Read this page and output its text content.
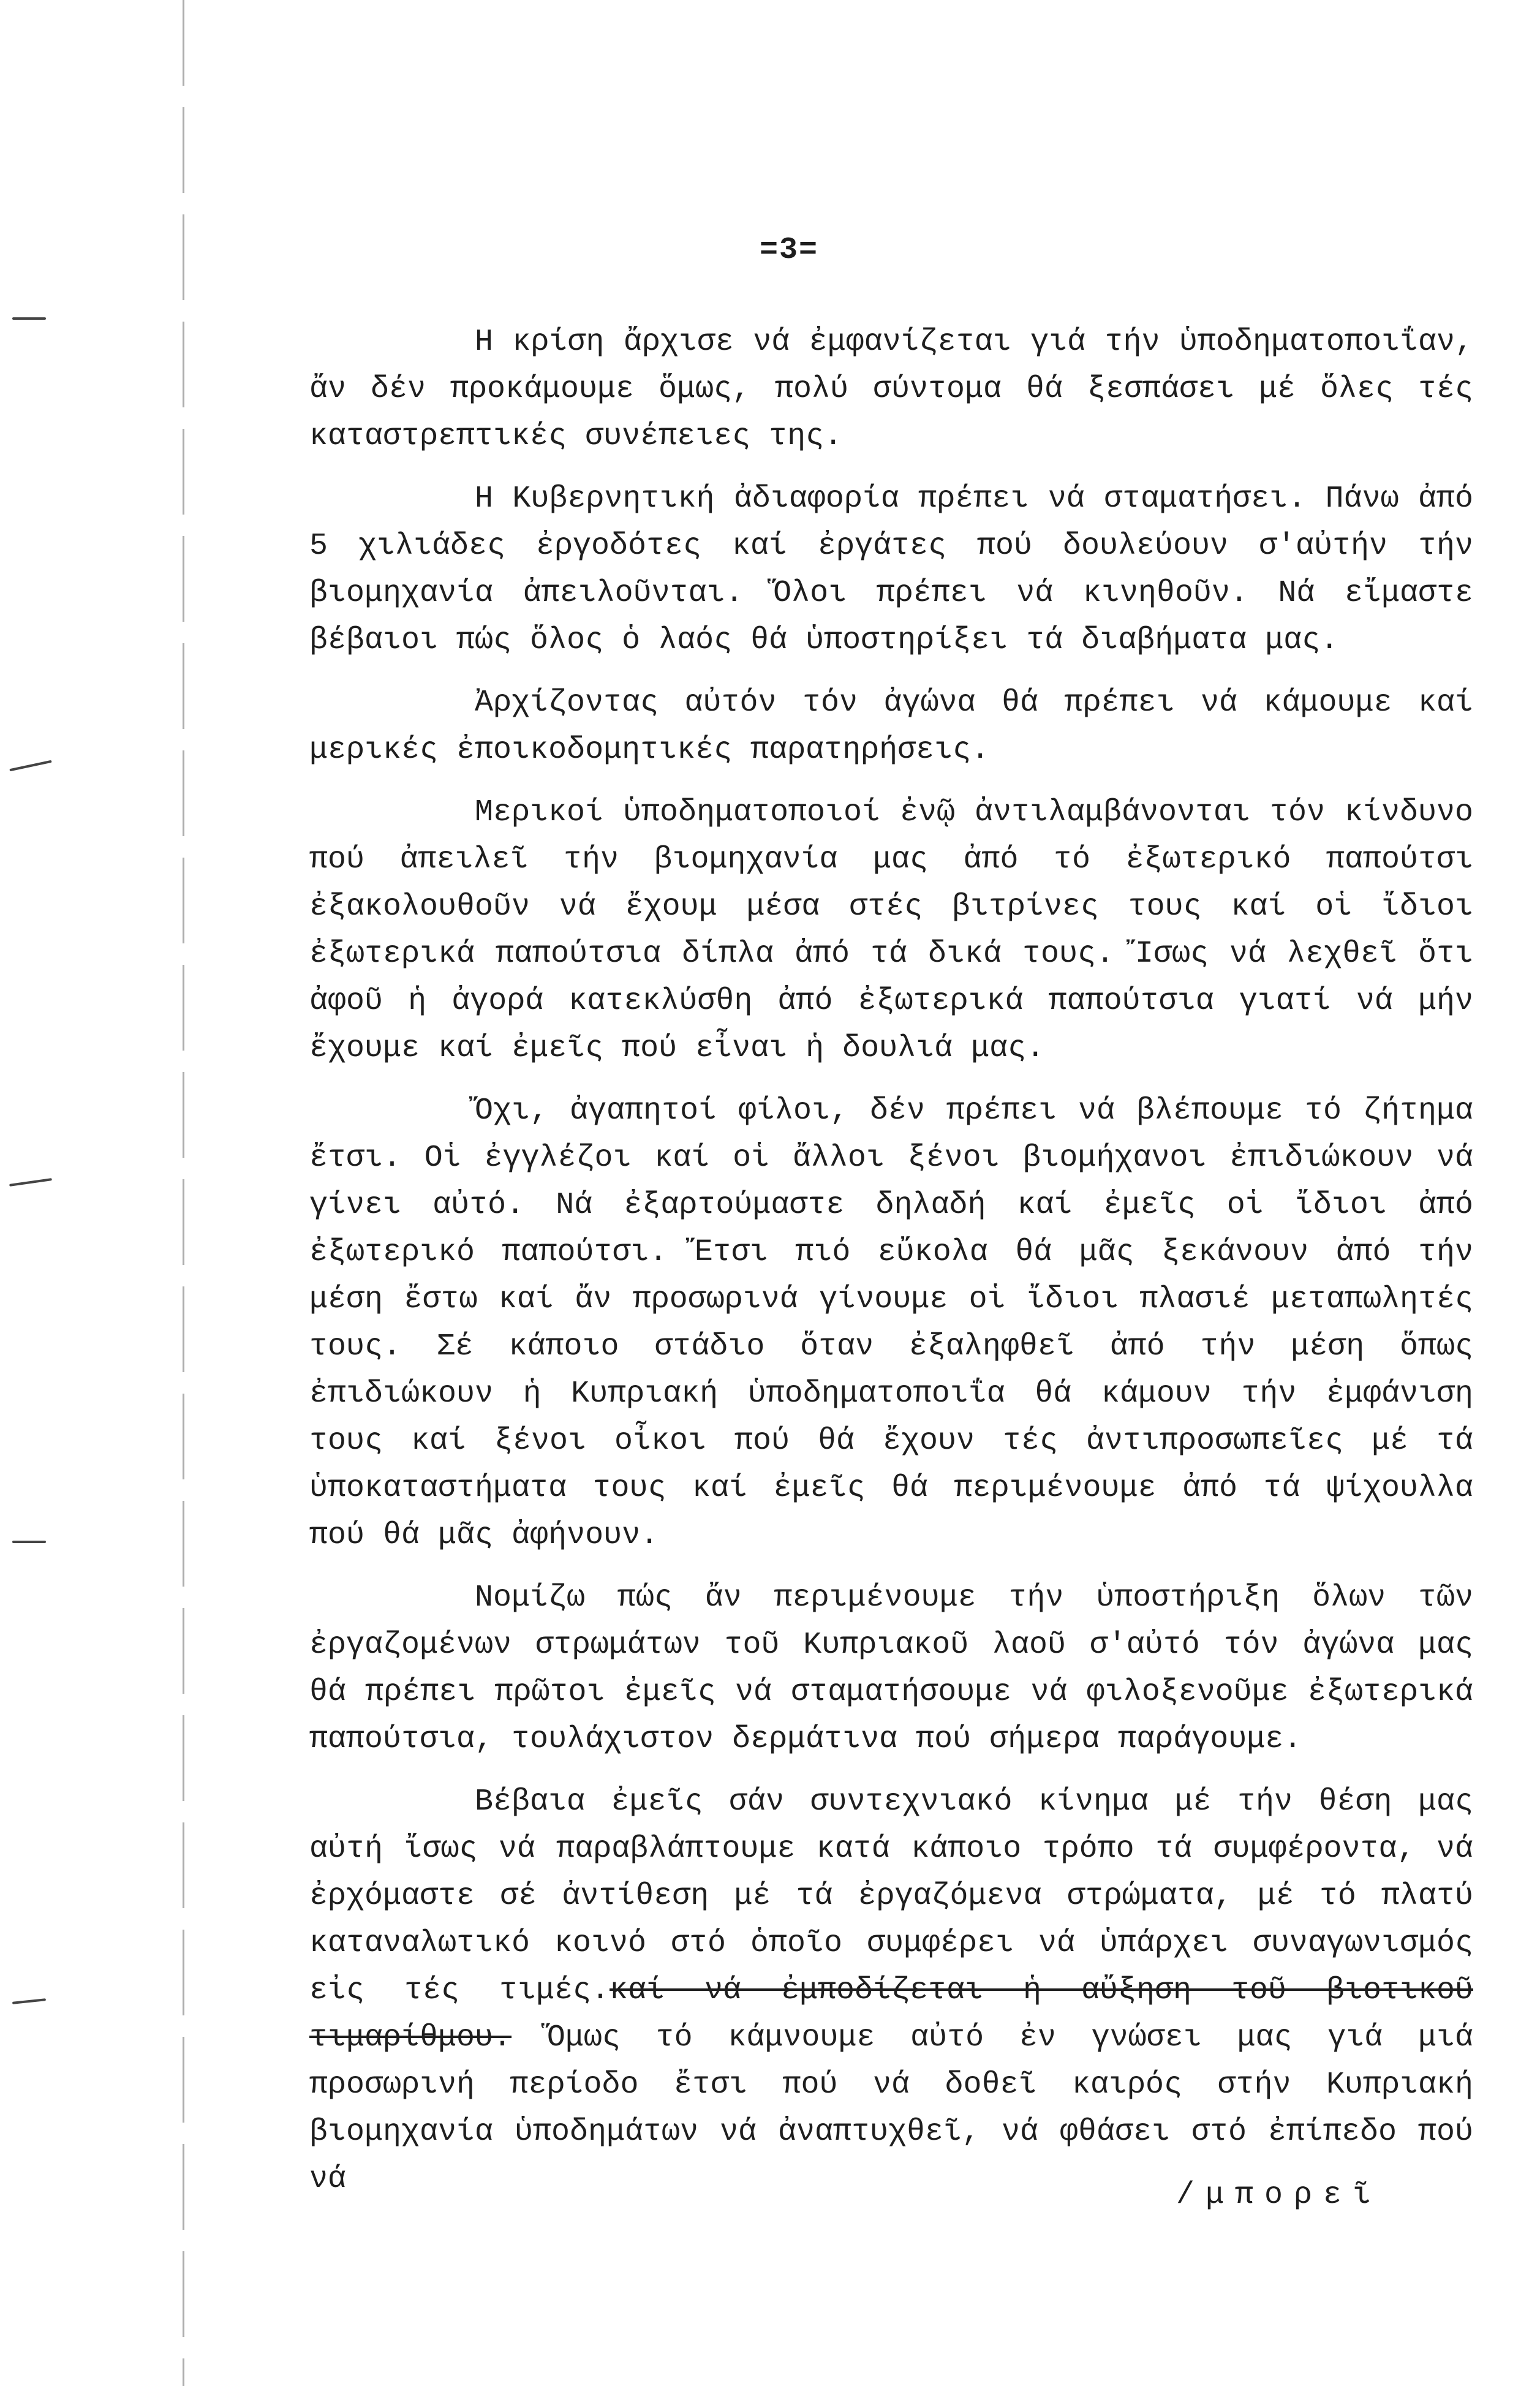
=3=

Η κρίση ἄρχισε νά ἐμφανίζεται γιά τήν ὑποδηματοποιΐαν, ἄν δέν προκάμουμε ὅμως, πολύ σύντομα θά ξεσπάσει μέ ὅλες τές καταστρεπτικές συνέπειες της.

Η Κυβερνητική ἀδιαφορία πρέπει νά σταματήσει. Πάνω ἀπό 5 χιλιάδες ἐργοδότες καί ἐργάτες πού δουλεύουν σ'αὐτήν τήν βιομηχανία ἀπειλοῦνται. Ὅλοι πρέπει νά κινηθοῦν. Νά εἴμαστε βέβαιοι πώς ὅλος ὁ λαός θά ὑποστηρίξει τά διαβήματα μας.

Ἀρχίζοντας αὐτόν τόν ἀγώνα θά πρέπει νά κάμουμε καί μερικές ἐποικοδομητικές παρατηρήσεις.

Μερικοί ὑποδηματοποιοί ἐνῷ ἀντιλαμβάνονται τόν κίνδυνο πού ἀπειλεῖ τήν βιομηχανία μας ἀπό τό ἐξωτερικό παπούτσι ἐξακολουθοῦν νά ἔχουμ μέσα στές βιτρίνες τους καί οἱ ἴδιοι ἐξωτερικά παπούτσια δίπλα ἀπό τά δικά τους. Ἴσως νά λεχθεῖ ὅτι ἀφοῦ ἡ ἀγορά κατεκλύσθη ἀπό ἐξωτερικά παπούτσια γιατί νά μήν ἔχουμε καί ἐμεῖς πού εἶναι ἡ δουλιά μας.

Ὄχι, ἀγαπητοί φίλοι, δέν πρέπει νά βλέπουμε τό ζήτημα ἔτσι. Οἱ ἐγγλέζοι καί οἱ ἄλλοι ξένοι βιομήχανοι ἐπιδιώκουν νά γίνει αὐτό. Νά ἐξαρτούμαστε δηλαδή καί ἐμεῖς οἱ ἴδιοι ἀπό ἐξωτερικό παπούτσι. Ἔτσι πιό εὔκολα θά μᾶς ξεκάνουν ἀπό τήν μέση ἔστω καί ἄν προσωρινά γίνουμε οἱ ἴδιοι πλασιέ μεταπωλητές τους. Σέ κάποιο στάδιο ὅταν ἐξαληφθεῖ ἀπό τήν μέση ὅπως ἐπιδιώκουν ἡ Κυπριακή ὑποδηματοποιΐα θά κάμουν τήν ἐμφάνιση τους καί ξένοι οἶκοι πού θά ἔχουν τές ἀντιπροσωπεῖες μέ τά ὑποκαταστήματα τους καί ἐμεῖς θά περιμένουμε ἀπό τά ψίχουλλα πού θά μᾶς ἀφήνουν.

Νομίζω πώς ἄν περιμένουμε τήν ὑποστήριξη ὅλων τῶν ἐργαζομένων στρωμάτων τοῦ Κυπριακοῦ λαοῦ σ'αὐτό τόν ἀγώνα μας θά πρέπει πρῶτοι ἐμεῖς νά σταματήσουμε νά φιλοξενοῦμε ἐξωτερικά παπούτσια, τουλάχιστον δερμάτινα πού σήμερα παράγουμε.

Βέβαια ἐμεῖς σάν συντεχνιακό κίνημα μέ τήν θέση μας αὐτή ἴσως νά παραβλάπτουμε κατά κάποιο τρόπο τά συμφέροντα, νά ἐρχόμαστε σέ ἀντίθεση μέ τά ἐργαζόμενα στρώματα, μέ τό πλατύ καταναλωτικό κοινό στό ὁποῖο συμφέρει νά ὑπάρχει συναγωνισμός εἰς τές τιμές.καί νά ἐμποδίζεται ἡ αὔξηση τοῦ βιοτικοῦ τιμαρίθμου. Ὅμως τό κάμνουμε αὐτό ἐν γνώσει μας γιά μιά προσωρινή περίοδο ἔτσι πού νά δοθεῖ καιρός στήν Κυπριακή βιομηχανία ὑποδημάτων νά ἀναπτυχθεῖ, νά φθάσει στό ἐπίπεδο πού νά	/μπορεῖ
